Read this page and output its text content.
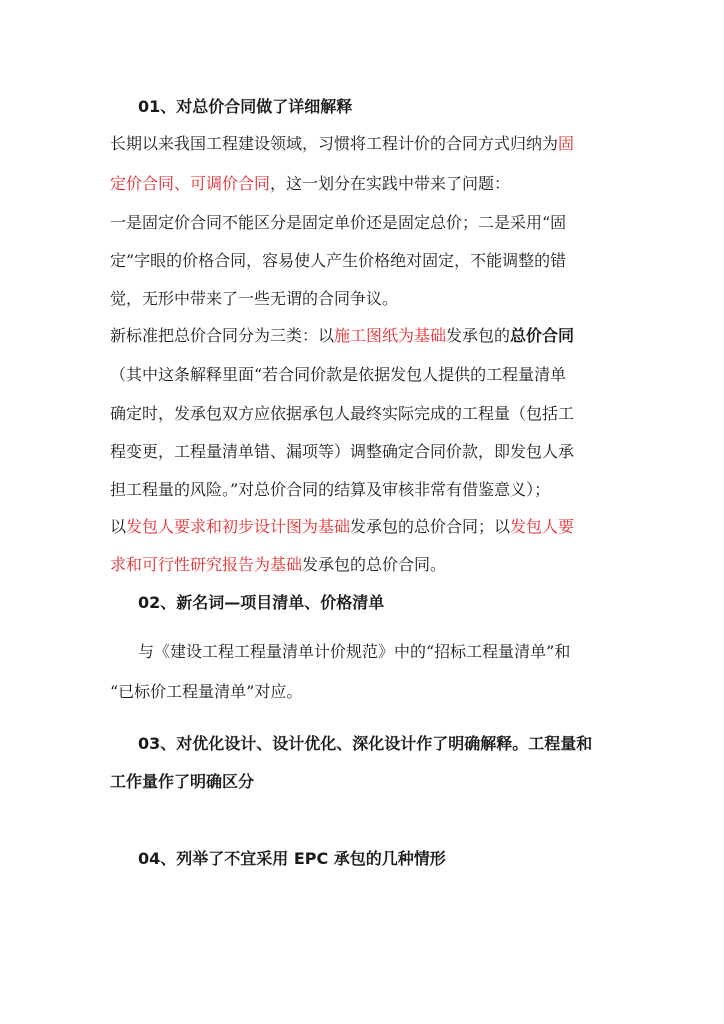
01、对总价合同做了详细解释
长期以来我国工程建设领域，习惯将工程计价的合同方式归纳为固
定价合同、可调价合同，这一划分在实践中带来了问题：
一是固定价合同不能区分是固定单价还是固定总价；二是采用“固
定”字眼的价格合同，容易使人产生价格绝对固定，不能调整的错
觉，无形中带来了一些无谓的合同争议。
新标准把总价合同分为三类：以施工图纸为基础发承包的总价合同
（其中这条解释里面“若合同价款是依据发包人提供的工程量清单
确定时，发承包双方应依据承包人最终实际完成的工程量（包括工
程变更，工程量清单错、漏项等）调整确定合同价款，即发包人承
担工程量的风险。”对总价合同的结算及审核非常有借鉴意义）；
以发包人要求和初步设计图为基础发承包的总价合同；以发包人要
求和可行性研究报告为基础发承包的总价合同。
02、新名词—项目清单、价格清单
与《建设工程工程量清单计价规范》中的“招标工程量清单”和
“已标价工程量清单”对应。
03、对优化设计、设计优化、深化设计作了明确解释。工程量和
工作量作了明确区分
04、列举了不宜采用 EPC 承包的几种情形
